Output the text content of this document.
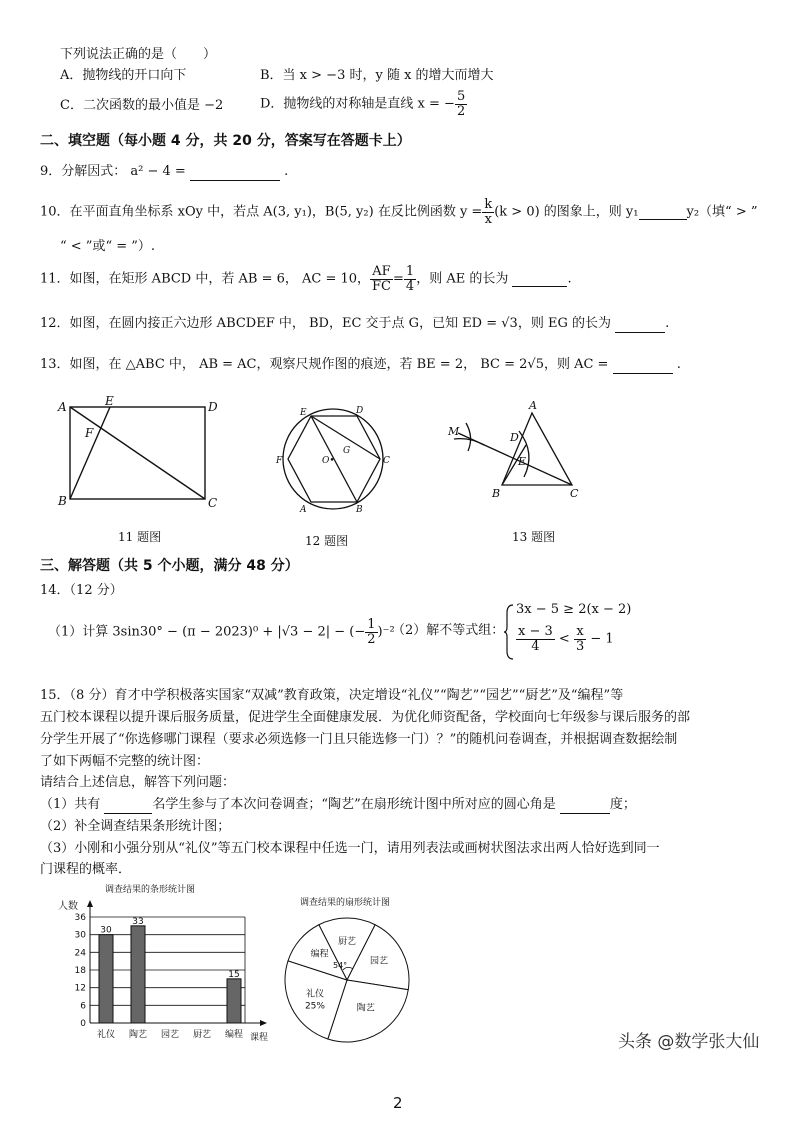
下列说法正确的是（　　）
A．抛物线的开口向下	B．当 x > −3 时，y 随 x 的增大而增大
C．二次函数的最小值是 −2	D．抛物线的对称轴是直线 x = − $\frac{5}{2}$
二、填空题（每小题 4 分，共 20 分，答案写在答题卡上）
9．分解因式： a² − 4 =	.
10．在平面直角坐标系 xOy 中，若点 A(3, y₁)，B(5, y₂) 在反比例函数 $y = \frac{k}{x} (k > 0)$ 的图象上，则 y₁	y₂（填“ > ”
“ < ”或“ = ”）.
11．如图，在矩形 ABCD 中，若 AB = 6， AC = 10， $\frac{AF}{FC} = \frac{1}{4}$ ，则 AE 的长为	.
12．如图，在圆内接正六边形 ABCDEF 中， BD，EC 交于点 G，已知 ED = √3，则 EG 的长为	.
13．如图，在 △ABC 中， AB = AC，观察尺规作图的痕迹，若 BE = 2， BC = 2√5，则 AC =	.
A	E	D
F
B	C
11 题图
E	D
F
G
O•	C
A	B
12 题图
A
M	D
E
B	C
13 题图
三、解答题（共 5 个小题，满分 48 分）
14．（12 分）
（1）计算 3sin30° − (π − 2023)⁰ + |√3 − 2| − (− $\frac{1}{2} )^{-2}$
（2）解不等式组：
3x − 5 ≥ 2(x − 2)
$\frac{x - 3}{4} < \frac{x}{3} - 1$
15．（8 分）育才中学积极落实国家“双减”教育政策，决定增设“礼仪”“陶艺”“园艺”“厨艺”及“编程”等
五门校本课程以提升课后服务质量，促进学生全面健康发展．为优化师资配备，学校面向七年级参与课后服务的部
分学生开展了“你选修哪门课程（要求必须选修一门且只能选修一门）？”的随机问卷调查，并根据调查数据绘制
了如下两幅不完整的统计图：
请结合上述信息，解答下列问题：
（1）共有	名学生参与了本次问卷调查；“陶艺”在扇形统计图中所对应的圆心角是	度；
（2）补全调查结果条形统计图；
（3）小刚和小强分别从“礼仪”等五门校本课程中任选一门，请用列表法或画树状图法求出两人恰好选到同一
门课程的概率．
调查结果的条形统计图
0
6
12
18
24
30
36
30
33
15
礼仪 陶艺 园艺 厨艺 编程
人数
课程
调查结果的扇形统计图
厨艺
园艺
陶艺
礼仪
25%
编程
54°
头条 @数学张大仙
2
